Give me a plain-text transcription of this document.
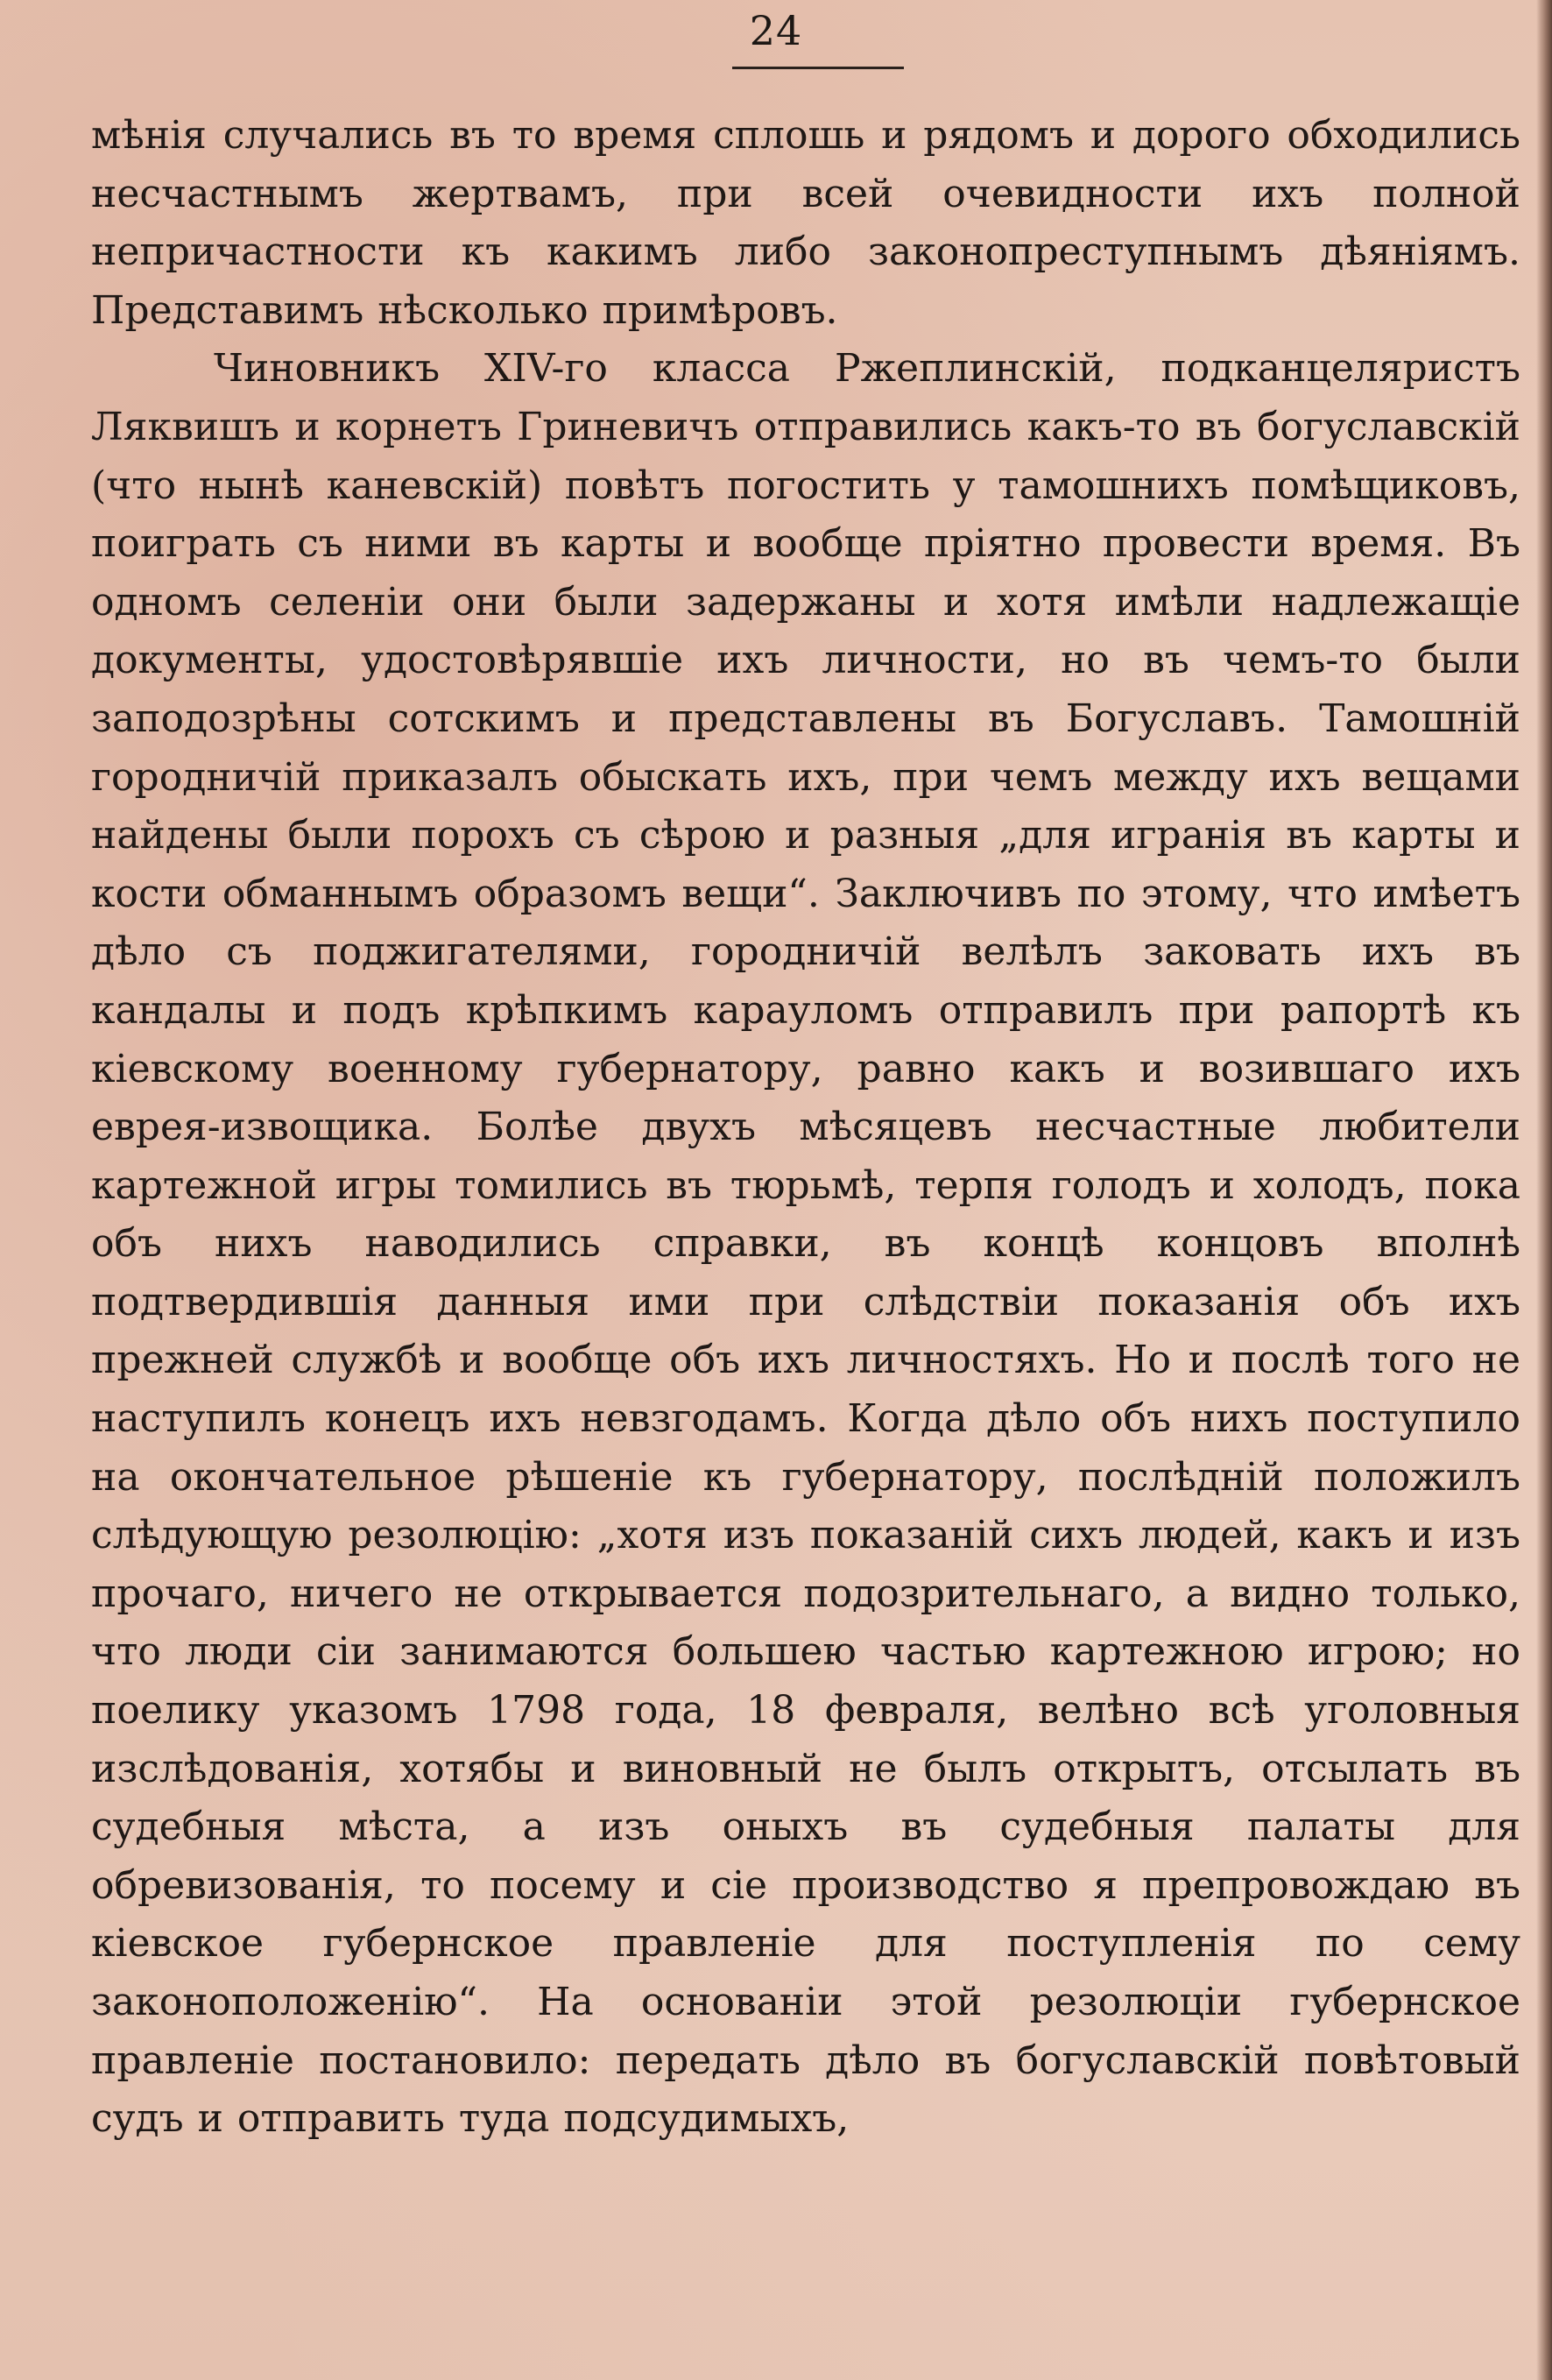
24

мѣнія случались въ то время сплошь и рядомъ и дорого обходились несчастнымъ жертвамъ, при всей очевидности ихъ полной непричастности къ какимъ либо законопреступнымъ дѣяніямъ. Представимъ нѣсколько примѣровъ.

Чиновникъ XIV-го класса Ржеплинскій, подканцеляристъ Ляквишъ и корнетъ Гриневичъ отправились какъ-то въ богуславскій (что нынѣ каневскій) повѣтъ погостить у тамошнихъ помѣщиковъ, поиграть съ ними въ карты и вообще пріятно провести время. Въ одномъ селеніи они были задержаны и хотя имѣли надлежащіе документы, удостовѣрявшіе ихъ личности, но въ чемъ-то были заподозрѣны сотскимъ и представлены въ Богуславъ. Тамошній городничій приказалъ обыскать ихъ, при чемъ между ихъ вещами найдены были порохъ съ сѣрою и разныя „для игранія въ карты и кости обманнымъ образомъ вещи“. Заключивъ по этому, что имѣетъ дѣло съ поджигателями, городничій велѣлъ заковать ихъ въ кандалы и подъ крѣпкимъ карауломъ отправилъ при рапортѣ къ кіевскому военному губернатору, равно какъ и возившаго ихъ еврея-извощика. Болѣе двухъ мѣсяцевъ несчастные любители картежной игры томились въ тюрьмѣ, терпя голодъ и холодъ, пока объ нихъ наводились справки, въ концѣ концовъ вполнѣ подтвердившія данныя ими при слѣдствіи показанія объ ихъ прежней службѣ и вообще объ ихъ личностяхъ. Но и послѣ того не наступилъ конецъ ихъ невзгодамъ. Когда дѣло объ нихъ поступило на окончательное рѣшеніе къ губернатору, послѣдній положилъ слѣдующую резолюцію: „хотя изъ показаній сихъ людей, какъ и изъ прочаго, ничего не открывается подозрительнаго, а видно только, что люди сіи занимаются большею частью картежною игрою; но поелику указомъ 1798 года, 18 февраля, велѣно всѣ уголовныя изслѣдованія, хотябы и виновный не былъ открытъ, отсылать въ судебныя мѣста, а изъ оныхъ въ судебныя палаты для обревизованія, то посему и сіе производство я препровождаю въ кіевское губернское правленіе для поступленія по сему законоположенію“. На основаніи этой резолюціи губернское правленіе постановило: передать дѣло въ богуславскій повѣтовый судъ и отправить туда подсудимыхъ,
